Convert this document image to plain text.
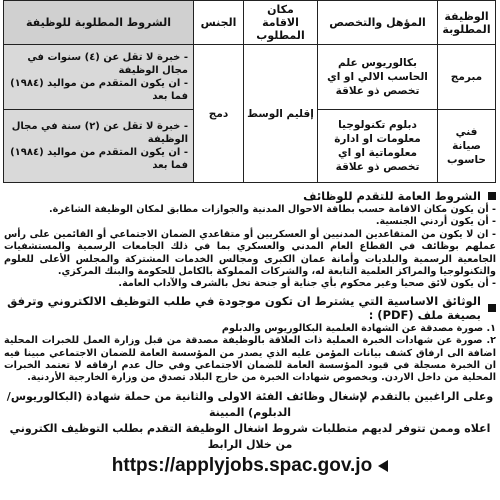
الوظيفة المطلوبة	المؤهل والتخصص	مكان الاقامة المطلوب	الجنس	الشروط المطلوبة للوظيفة
مبرمج	بكالوريوس علم الحاسب الالي او اي تخصص ذو علاقة	إقليم الوسط	دمج	- خبرة لا تقل عن (٤) سنوات في مجال الوظيفة
- ان يكون المتقدم من مواليد (١٩٨٤) فما بعد

فني صيانة حاسوب	دبلوم تكنولوجيا معلومات او ادارة معلوماتية او اي تخصص ذو علاقة			- خبرة لا تقل عن (٢) سنة في مجال الوظيفة
- ان يكون المتقدم من مواليد (١٩٨٤) فما بعد
الشروط العامة للتقدم للوظائف

- أن يكون مكان الاقامة حسب بطاقة الاحوال المدنية والجوازات مطابق لمكان الوظيفة الشاغرة.

- أن يكون أردني الجنسية.

- ان لا يكون من المتقاعدين المدنيين أو العسكريين أو متقاعدي الضمان الاجتماعي أو القائمين على رأس عملهم بوظائف في القطاع العام المدني والعسكري بما في ذلك الجامعات الرسمية والمستشفيات الجامعية الرسمية والبلديات وأمانة عمان الكبرى ومجالس الخدمات المشتركة والمجلس الأعلى للعلوم والتكنولوجيا والمراكز العلمية التابعة له، والشركات المملوكة بالكامل للحكومة والبنك المركزي.

- أن يكون لائق صحيا وغير محكوم بأي جناية أو جنحة تخل بالشرف والآداب العامة.

الوثائق الاساسية التي يشترط ان تكون موجودة في طلب التوظيف الالكتروني وترفق بصيغة ملف (PDF) :

١. صورة مصدقة عن الشهادة العلمية البكالوريوس والدبلوم

٢. صورة عن شهادات الخبرة العملية ذات العلاقة بالوظيفة مصدقة من قبل وزارة العمل للخبرات المحلية اضافة الى ارفاق كشف بيانات المؤمن عليه الذي يصدر من المؤسسة العامة للضمان الاجتماعي مبينا فيه ان الخبرة مسجلة في قيود المؤسسة العامة للضمان الاجتماعي وفي حال عدم ارفاقه لا تعتمد الخبرات المحلية من داخل الاردن. وبخصوص شهادات الخبرة من خارج البلاد تصدق من وزارة الخارجية الأردنية.

وعلى الراغبين بالتقدم لإشغال وظائف الفئة الاولى والثانية من حملة شهادة (البكالوريوس/ الدبلوم) المبينة
اعلاه وممن تتوفر لديهم متطلبات شروط اشغال الوظيفة التقدم بطلب التوظيف الكتروني من خلال الرابط
https://applyjobs.spac.gov.jo
